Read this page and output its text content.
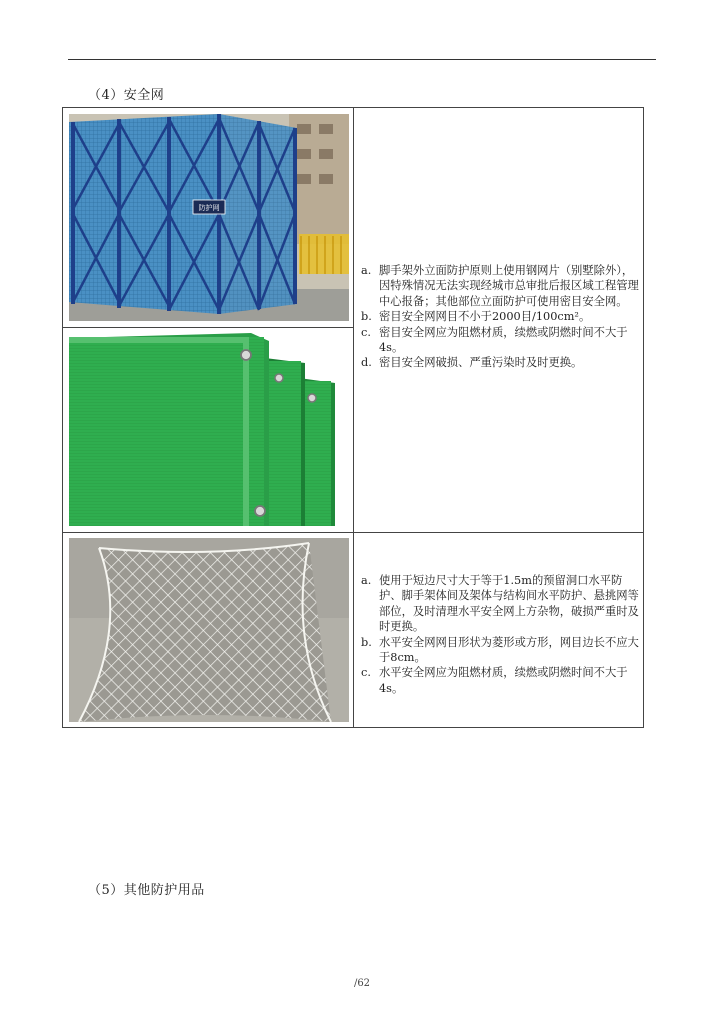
（4）安全网
防护网
a. 脚手架外立面防护原则上使用钢网片（别墅除外），因特殊情况无法实现经城市总审批后报区域工程管理中心报备；其他部位立面防护可使用密目安全网。
b. 密目安全网网目不小于2000目/100cm²。
c. 密目安全网应为阻燃材质，续燃或阴燃时间不大于4s。
d. 密目安全网破损、严重污染时及时更换。
a. 使用于短边尺寸大于等于1.5m的预留洞口水平防护、脚手架体间及架体与结构间水平防护、悬挑网等部位，及时清理水平安全网上方杂物，破损严重时及时更换。
b. 水平安全网网目形状为菱形或方形，网目边长不应大于8cm。
c. 水平安全网应为阻燃材质，续燃或阴燃时间不大于4s。
（5）其他防护用品
/62
